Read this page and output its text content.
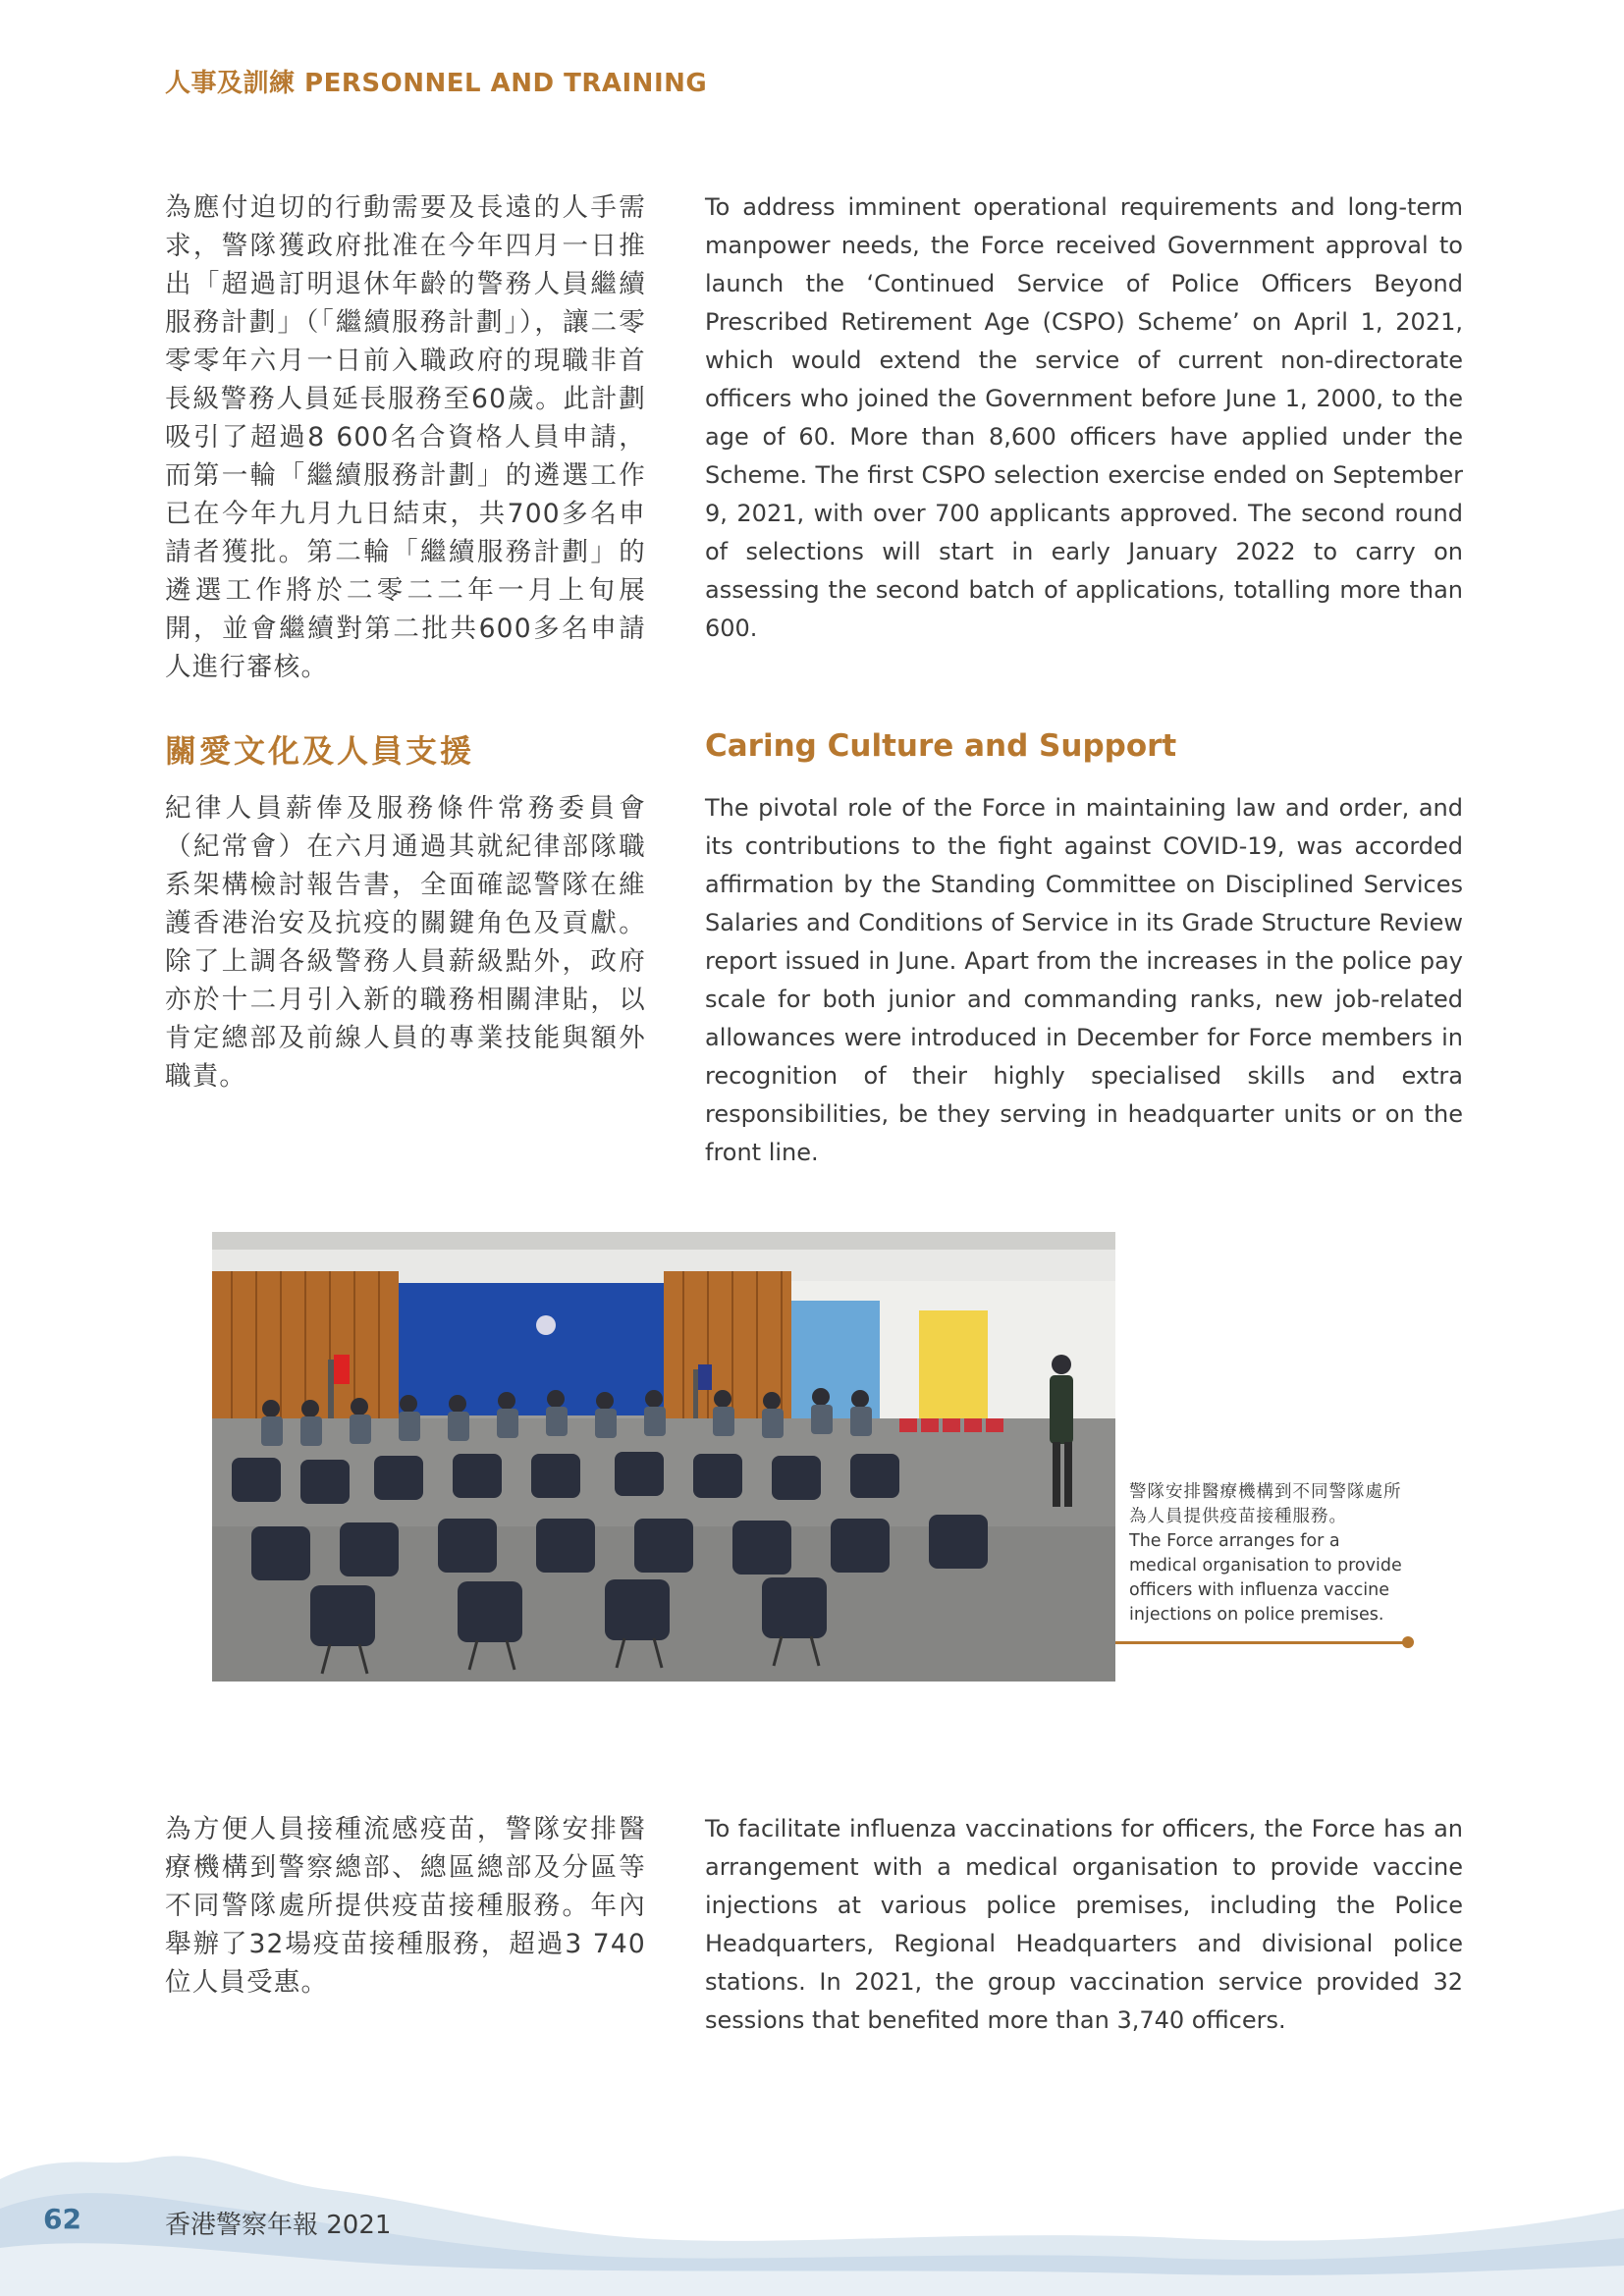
人事及訓練 PERSONNEL AND TRAINING

為應付迫切的行動需要及長遠的人手需求，警隊獲政府批准在今年四月一日推出「超過訂明退休年齡的警務人員繼續服務計劃」（「繼續服務計劃」），讓二零零零年六月一日前入職政府的現職非首長級警務人員延長服務至60歲。此計劃吸引了超過8 600名合資格人員申請，而第一輪「繼續服務計劃」的遴選工作已在今年九月九日結束，共700多名申請者獲批。第二輪「繼續服務計劃」的遴選工作將於二零二二年一月上旬展開，並會繼續對第二批共600多名申請人進行審核。

To address imminent operational requirements and long-term manpower needs, the Force received Government approval to launch the ‘Continued Service of Police Officers Beyond Prescribed Retirement Age (CSPO) Scheme’ on April 1, 2021, which would extend the service of current non-directorate officers who joined the Government before June 1, 2000, to the age of 60. More than 8,600 officers have applied under the Scheme. The first CSPO selection exercise ended on September 9, 2021, with over 700 applicants approved. The second round of selections will start in early January 2022 to carry on assessing the second batch of applications, totalling more than 600.

關愛文化及人員支援	Caring Culture and Support

紀律人員薪俸及服務條件常務委員會（紀常會）在六月通過其就紀律部隊職系架構檢討報告書，全面確認警隊在維護香港治安及抗疫的關鍵角色及貢獻。除了上調各級警務人員薪級點外，政府亦於十二月引入新的職務相關津貼，以肯定總部及前線人員的專業技能與額外職責。

The pivotal role of the Force in maintaining law and order, and its contributions to the fight against COVID-19, was accorded affirmation by the Standing Committee on Disciplined Services Salaries and Conditions of Service in its Grade Structure Review report issued in June. Apart from the increases in the police pay scale for both junior and commanding ranks, new job-related allowances were introduced in December for Force members in recognition of their highly specialised skills and extra responsibilities, be they serving in headquarter units or on the front line.

警隊安排醫療機構到不同警隊處所為人員提供疫苗接種服務。
The Force arranges for a medical organisation to provide officers with influenza vaccine injections on police premises.

為方便人員接種流感疫苗，警隊安排醫療機構到警察總部、總區總部及分區等不同警隊處所提供疫苗接種服務。年內舉辦了32場疫苗接種服務，超過3 740位人員受惠。

To facilitate influenza vaccinations for officers, the Force has an arrangement with a medical organisation to provide vaccine injections at various police premises, including the Police Headquarters, Regional Headquarters and divisional police stations. In 2021, the group vaccination service provided 32 sessions that benefited more than 3,740 officers.

62	香港警察年報 2021
